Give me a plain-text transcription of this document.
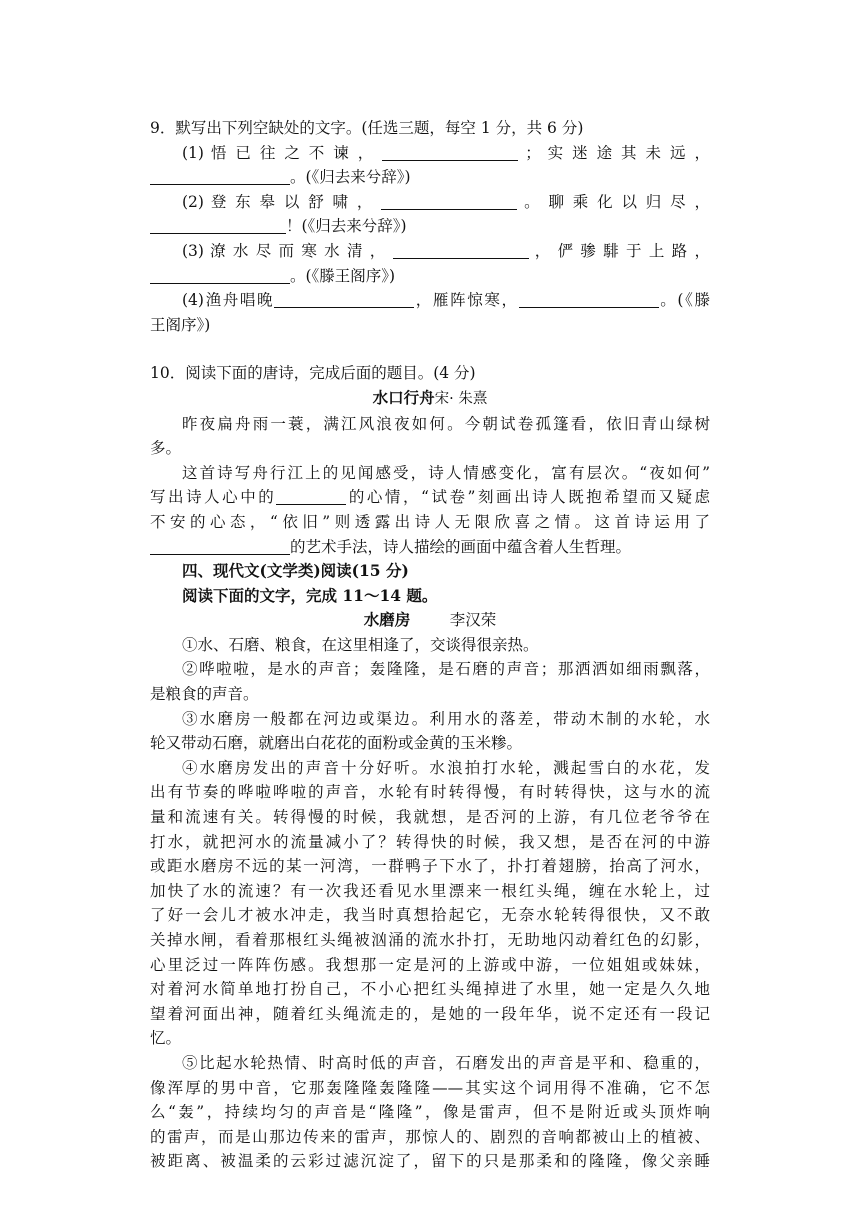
9．默写出下列空缺处的文字。(任选三题，每空 1 分，共 6 分)
(1) 悟 已 往 之 不 谏 ，	； 实 迷 途 其 未 远 ，
。(《归去来兮辞》)
(2) 登 东 皋 以 舒 啸 ，	。 聊 乘 化 以 归 尽 ，
！(《归去来兮辞》)
(3) 潦 水 尽 而 寒 水 清 ，	， 俨 骖 騑 于 上 路 ，
。(《滕王阁序》)
(4)渔舟唱晚	，雁阵惊寒，	。(《滕
王阁序》)
10．阅读下面的唐诗，完成后面的题目。(4 分)
水口行舟宋· 朱熹
昨夜扁舟雨一蓑，满江风浪夜如何。今朝试卷孤篷看，依旧青山绿树
多。
这首诗写舟行江上的见闻感受，诗人情感变化，富有层次。“夜如何”
写出诗人心中的	的心情，“试卷”刻画出诗人既抱希望而又疑虑
不安的心态，“依旧”则透露出诗人无限欣喜之情。这首诗运用了
的艺术手法，诗人描绘的画面中蕴含着人生哲理。
四、现代文(文学类)阅读(15 分)
阅读下面的文字，完成 11～14 题。
水磨房	李汉荣
①水、石磨、粮食，在这里相逢了，交谈得很亲热。
②哗啦啦，是水的声音；轰隆隆，是石磨的声音；那洒洒如细雨飘落，
是粮食的声音。
③水磨房一般都在河边或渠边。利用水的落差，带动木制的水轮，水
轮又带动石磨，就磨出白花花的面粉或金黄的玉米糁。
④水磨房发出的声音十分好听。水浪拍打水轮，溅起雪白的水花，发
出有节奏的哗啦哗啦的声音，水轮有时转得慢，有时转得快，这与水的流
量和流速有关。转得慢的时候，我就想，是否河的上游，有几位老爷爷在
打水，就把河水的流量减小了？转得快的时候，我又想，是否在河的中游
或距水磨房不远的某一河湾，一群鸭子下水了，扑打着翅膀，抬高了河水，
加快了水的流速？有一次我还看见水里漂来一根红头绳，缠在水轮上，过
了好一会儿才被水冲走，我当时真想拾起它，无奈水轮转得很快，又不敢
关掉水闸，看着那根红头绳被汹涌的流水扑打，无助地闪动着红色的幻影，
心里泛过一阵阵伤感。我想那一定是河的上游或中游，一位姐姐或妹妹，
对着河水简单地打扮自己，不小心把红头绳掉进了水里，她一定是久久地
望着河面出神，随着红头绳流走的，是她的一段年华，说不定还有一段记
忆。
⑤比起水轮热情、时高时低的声音，石磨发出的声音是平和、稳重的，
像浑厚的男中音，它那轰隆隆轰隆隆——其实这个词用得不准确，它不怎
么“轰”，持续均匀的声音是“隆隆”，像是雷声，但不是附近或头顶炸响
的雷声，而是山那边传来的雷声，那惊人的、剧烈的音响都被山上的植被、
被距离、被温柔的云彩过滤沉淀了，留下的只是那柔和的隆隆，像父亲睡
